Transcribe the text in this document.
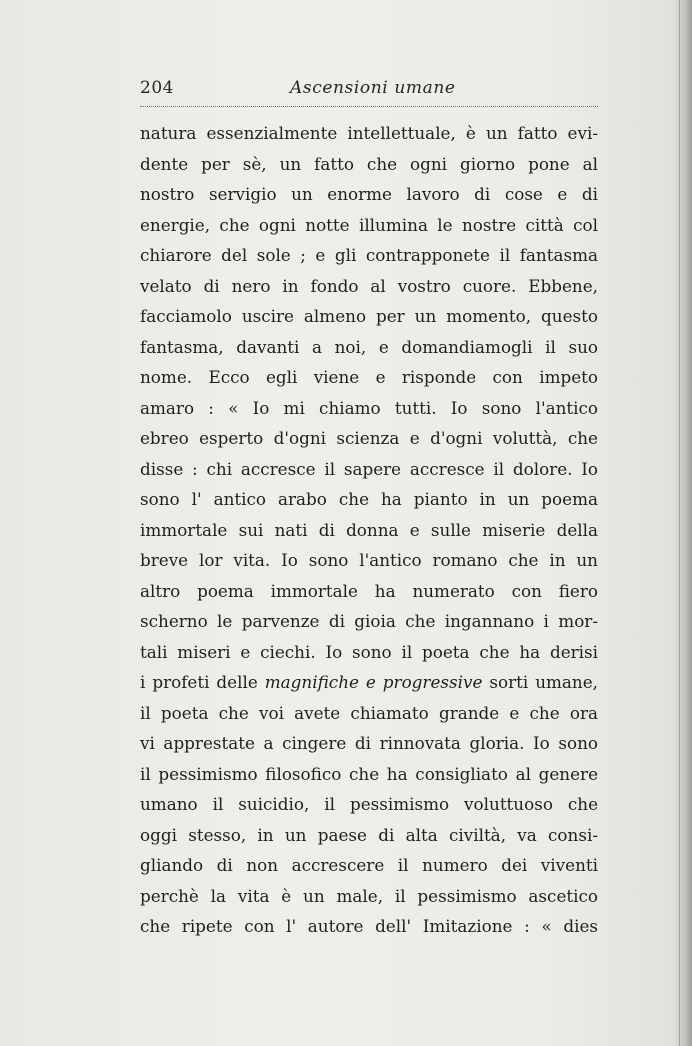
204	Ascensioni umane
natura essenzialmente intellettuale, è un fatto evi-
dente per sè, un fatto che ogni giorno pone al
nostro servigio un enorme lavoro di cose e di
energie, che ogni notte illumina le nostre città col
chiarore del sole ; e gli contrapponete il fantasma
velato di nero in fondo al vostro cuore. Ebbene,
facciamolo uscire almeno per un momento, questo
fantasma, davanti a noi, e domandiamogli il suo
nome. Ecco egli viene e risponde con impeto
amaro : « Io mi chiamo tutti. Io sono l'antico
ebreo esperto d'ogni scienza e d'ogni voluttà, che
disse : chi accresce il sapere accresce il dolore. Io
sono l' antico arabo che ha pianto in un poema
immortale sui nati di donna e sulle miserie della
breve lor vita. Io sono l'antico romano che in un
altro poema immortale ha numerato con fiero
scherno le parvenze di gioia che ingannano i mor-
tali miseri e ciechi. Io sono il poeta che ha derisi
i profeti delle magnifiche e progressive sorti umane,
il poeta che voi avete chiamato grande e che ora
vi apprestate a cingere di rinnovata gloria. Io sono
il pessimismo filosofico che ha consigliato al genere
umano il suicidio, il pessimismo voluttuoso che
oggi stesso, in un paese di alta civiltà, va consi-
gliando di non accrescere il numero dei viventi
perchè la vita è un male, il pessimismo ascetico
che ripete con l' autore dell' Imitazione : « dies
